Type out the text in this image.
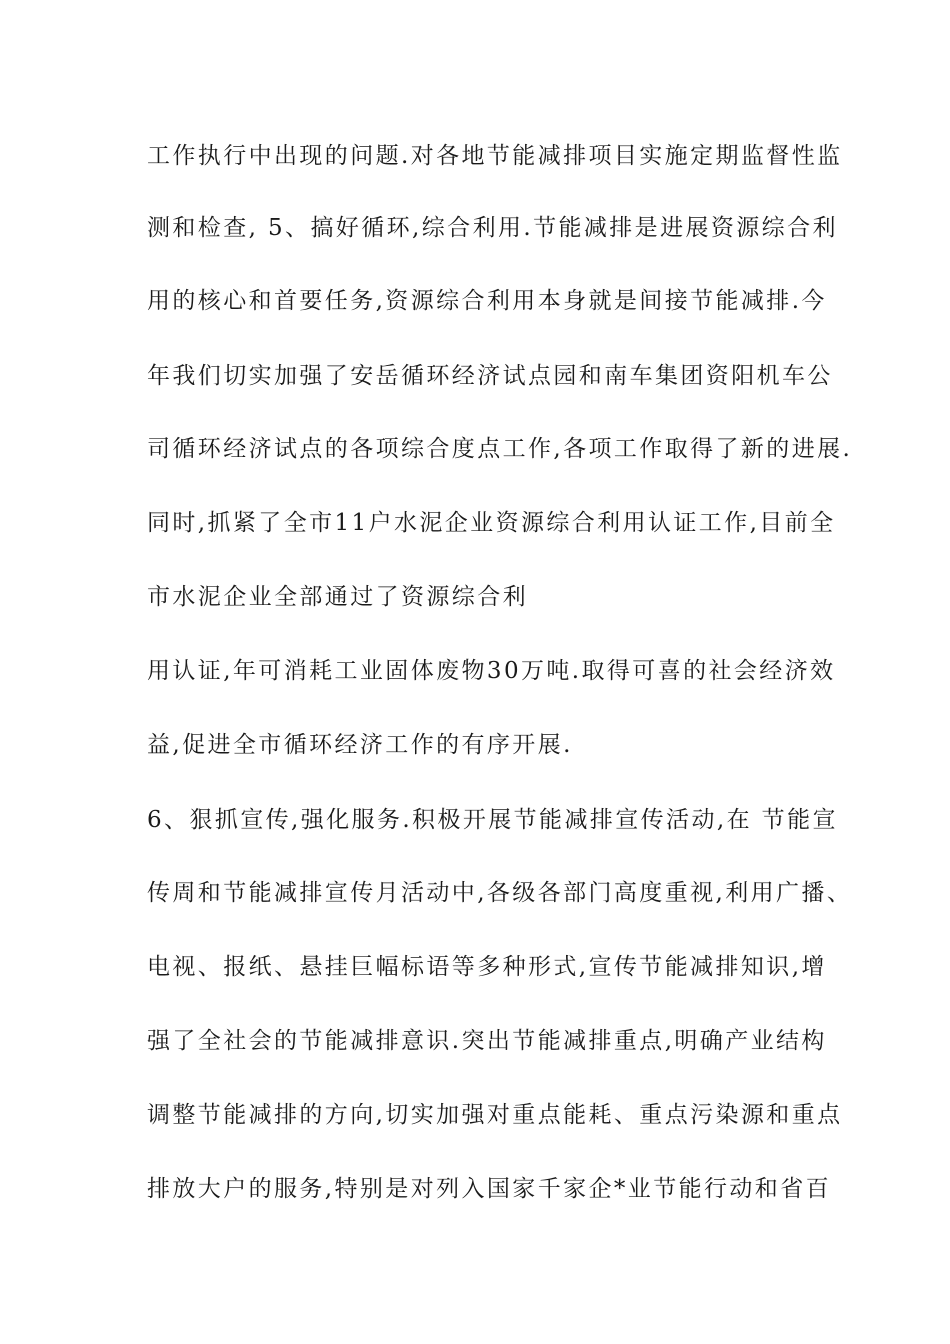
工作执行中出现的问题.对各地节能减排项目实施定期监督性监

测和检查, 5、搞好循环,综合利用.节能减排是进展资源综合利

用的核心和首要任务,资源综合利用本身就是间接节能减排.今

年我们切实加强了安岳循环经济试点园和南车集团资阳机车公

司循环经济试点的各项综合度点工作,各项工作取得了新的进展.

同时,抓紧了全市11户水泥企业资源综合利用认证工作,目前全

市水泥企业全部通过了资源综合利

用认证,年可消耗工业固体废物30万吨.取得可喜的社会经济效

益,促进全市循环经济工作的有序开展.

6、狠抓宣传,强化服务.积极开展节能减排宣传活动,在 节能宣

传周和节能减排宣传月活动中,各级各部门高度重视,利用广播、

电视、报纸、悬挂巨幅标语等多种形式,宣传节能减排知识,增

强了全社会的节能减排意识.突出节能减排重点,明确产业结构

调整节能减排的方向,切实加强对重点能耗、重点污染源和重点

排放大户的服务,特别是对列入国家千家企*业节能行动和省百
